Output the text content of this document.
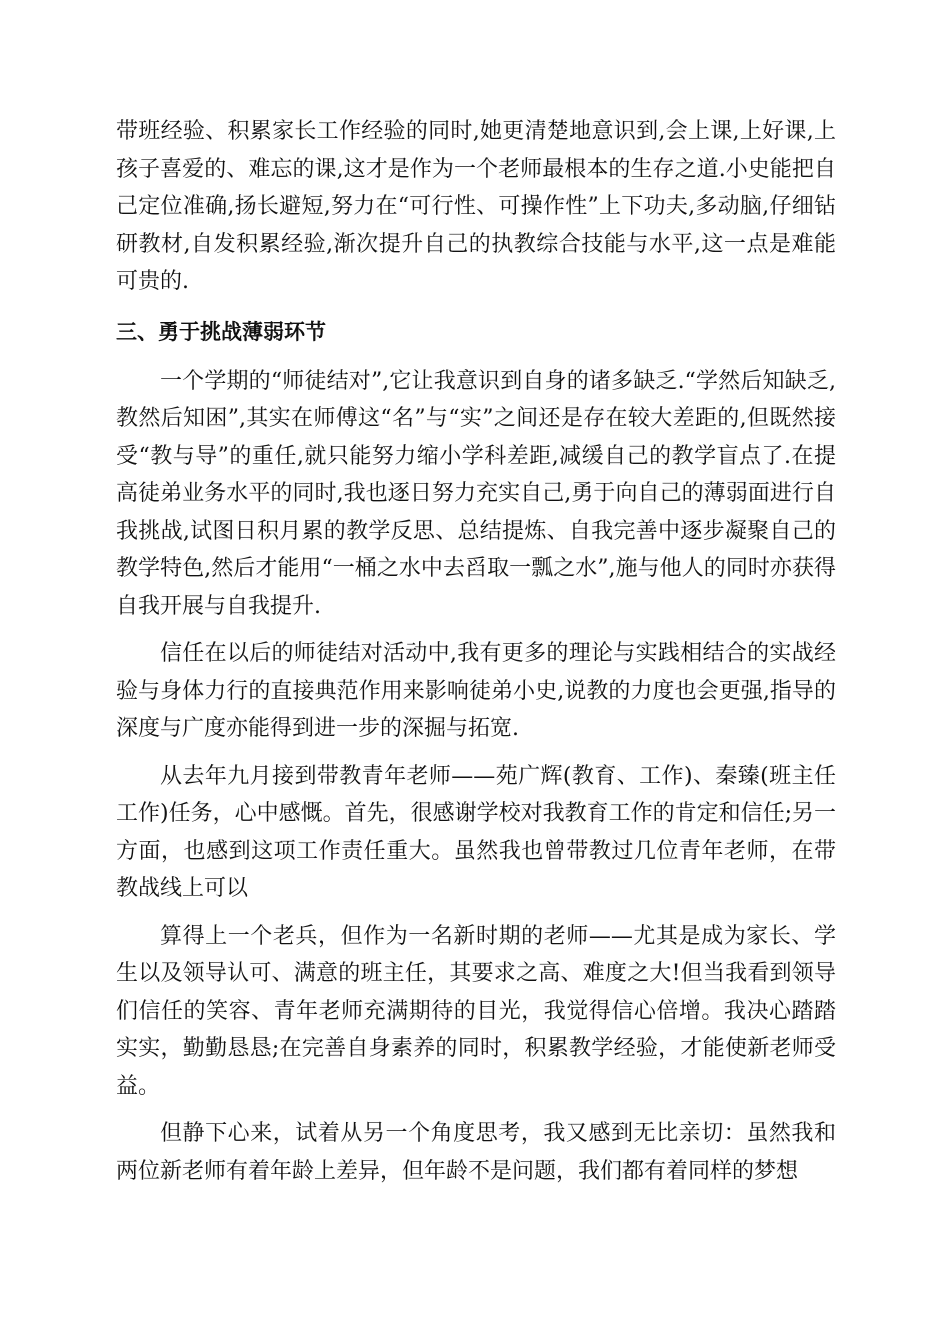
带班经验、积累家长工作经验的同时,她更清楚地意识到,会上课,上好课,上孩子喜爱的、难忘的课,这才是作为一个老师最根本的生存之道.小史能把自己定位准确,扬长避短,努力在“可行性、可操作性”上下功夫,多动脑,仔细钻研教材,自发积累经验,渐次提升自己的执教综合技能与水平,这一点是难能可贵的.

三、勇于挑战薄弱环节

一个学期的“师徒结对”,它让我意识到自身的诸多缺乏.“学然后知缺乏,教然后知困”,其实在师傅这“名”与“实”之间还是存在较大差距的,但既然接受“教与导”的重任,就只能努力缩小学科差距,减缓自己的教学盲点了.在提高徒弟业务水平的同时,我也逐日努力充实自己,勇于向自己的薄弱面进行自我挑战,试图日积月累的教学反思、总结提炼、自我完善中逐步凝聚自己的教学特色,然后才能用“一桶之水中去舀取一瓢之水”,施与他人的同时亦获得自我开展与自我提升.

信任在以后的师徒结对活动中,我有更多的理论与实践相结合的实战经验与身体力行的直接典范作用来影响徒弟小史,说教的力度也会更强,指导的深度与广度亦能得到进一步的深掘与拓宽.

从去年九月接到带教青年老师——苑广辉(教育、工作)、秦臻(班主任工作)任务，心中感慨。首先，很感谢学校对我教育工作的肯定和信任;另一方面，也感到这项工作责任重大。虽然我也曾带教过几位青年老师，在带教战线上可以

算得上一个老兵，但作为一名新时期的老师——尤其是成为家长、学生以及领导认可、满意的班主任，其要求之高、难度之大!但当我看到领导们信任的笑容、青年老师充满期待的目光，我觉得信心倍增。我决心踏踏实实，勤勤恳恳;在完善自身素养的同时，积累教学经验，才能使新老师受益。

但静下心来，试着从另一个角度思考，我又感到无比亲切：虽然我和两位新老师有着年龄上差异，但年龄不是问题，我们都有着同样的梦想
